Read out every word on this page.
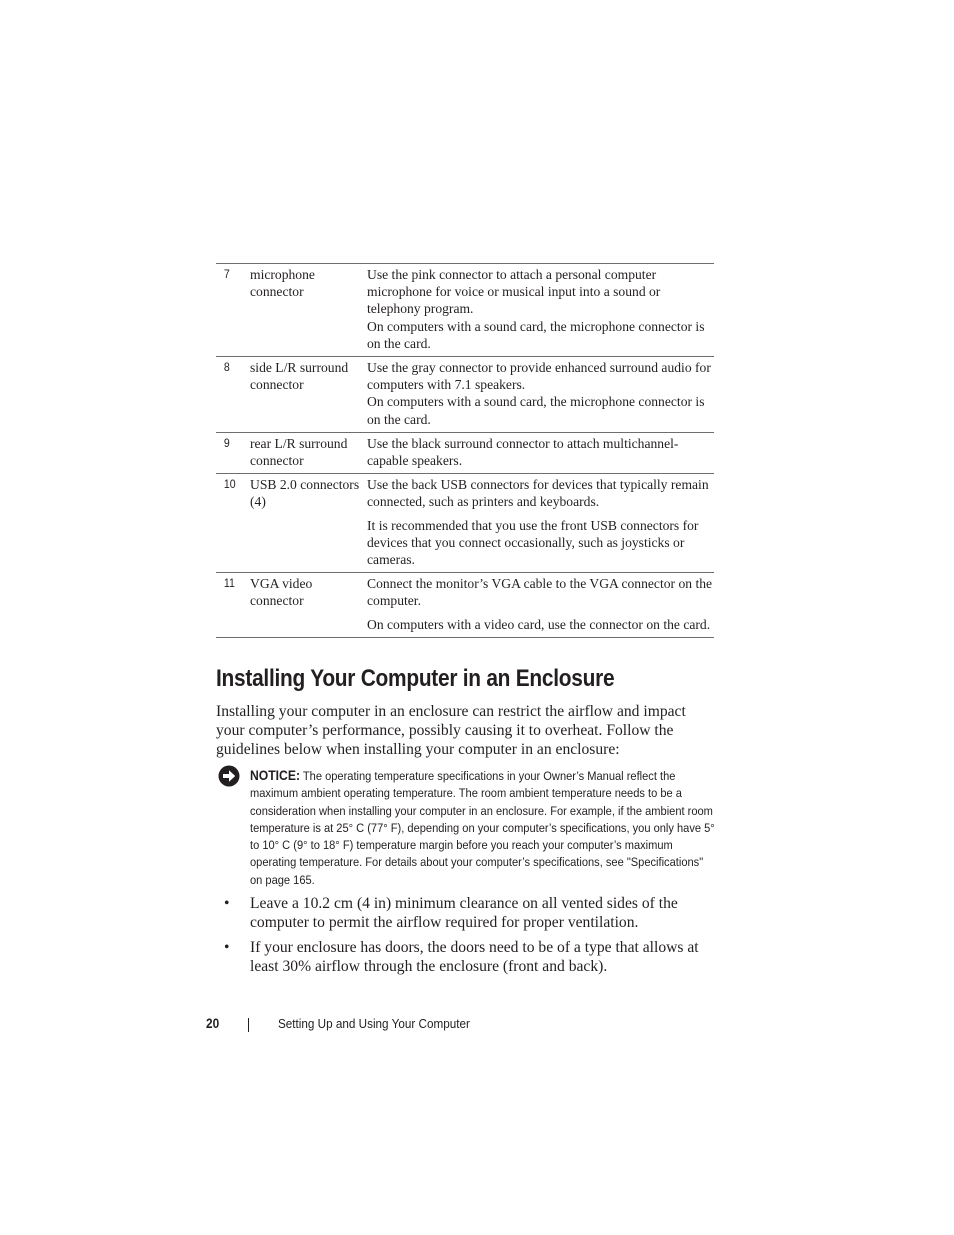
7	microphone connector	Use the pink connector to attach a personal computer microphone for voice or musical input into a sound or telephony program.

On computers with a sound card, the microphone connector is on the card.

8	side L/R surround connector	Use the gray connector to provide enhanced surround audio for computers with 7.1 speakers.

On computers with a sound card, the microphone connector is on the card.

9	rear L/R surround connector	Use the black surround connector to attach multichannel-capable speakers.

10	USB 2.0 connectors (4)	Use the back USB connectors for devices that typically remain connected, such as printers and keyboards.

It is recommended that you use the front USB connectors for devices that you connect occasionally, such as joysticks or cameras.

11	VGA video connector	Connect the monitor’s VGA cable to the VGA connector on the computer.

On computers with a video card, use the connector on the card.

Installing Your Computer in an Enclosure

Installing your computer in an enclosure can restrict the airflow and impact your computer’s performance, possibly causing it to overheat. Follow the guidelines below when installing your computer in an enclosure:

NOTICE: The operating temperature specifications in your Owner’s Manual reflect the maximum ambient operating temperature. The room ambient temperature needs to be a consideration when installing your computer in an enclosure. For example, if the ambient room temperature is at 25° C (77° F), depending on your computer’s specifications, you only have 5° to 10° C (9° to 18° F) temperature margin before you reach your computer’s maximum operating temperature. For details about your computer’s specifications, see "Specifications" on page 165.

• Leave a 10.2 cm (4 in) minimum clearance on all vented sides of the computer to permit the airflow required for proper ventilation.
• If your enclosure has doors, the doors need to be of a type that allows at least 30% airflow through the enclosure (front and back).
20	Setting Up and Using Your Computer
